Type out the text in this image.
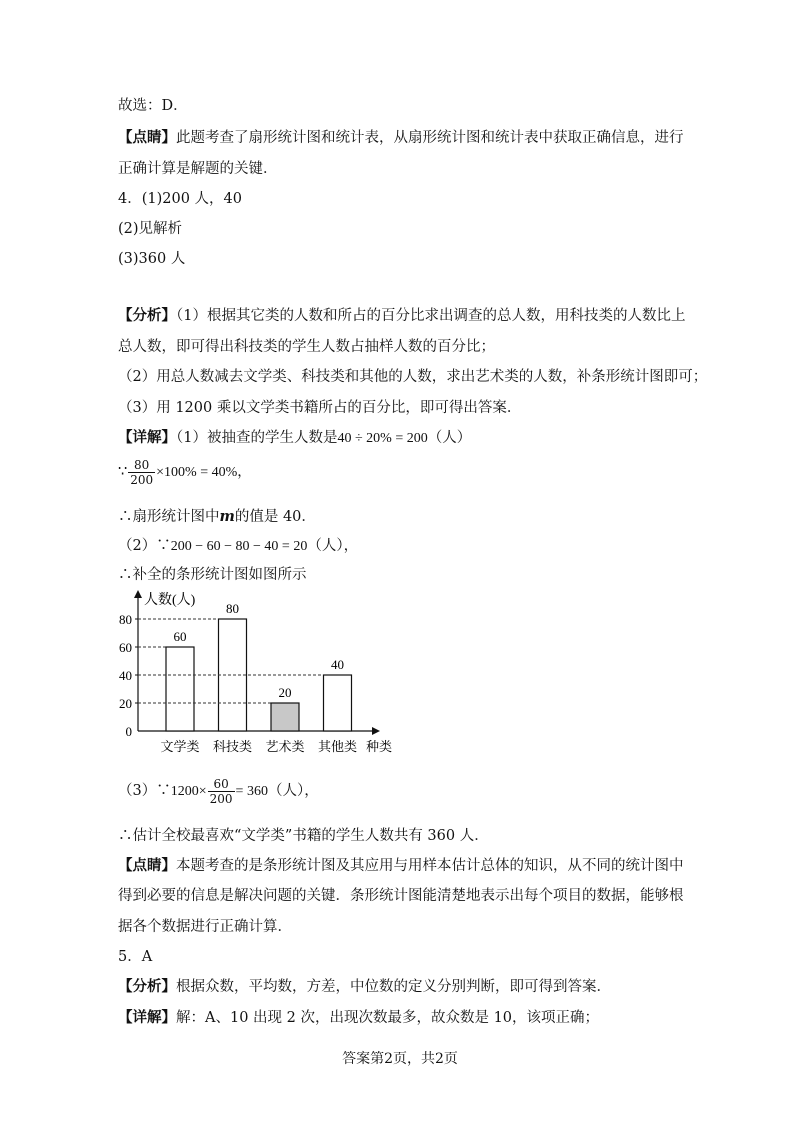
故选：D．
【点睛】此题考查了扇形统计图和统计表，从扇形统计图和统计表中获取正确信息，进行
正确计算是解题的关键．
4．(1)200 人，40
(2)见解析
(3)360 人
【分析】（1）根据其它类的人数和所占的百分比求出调查的总人数，用科技类的人数比上
总人数，即可得出科技类的学生人数占抽样人数的百分比；
（2）用总人数减去文学类、科技类和其他的人数，求出艺术类的人数，补条形统计图即可；
（3）用 1200 乘以文学类书籍所占的百分比，即可得出答案．
【详解】（1）被抽查的学生人数是40 ÷ 20% = 200（人）
∵ $\frac{80}{200} \times 100\% = 40\%$，
∴扇形统计图中m的值是 40．
（2）∵200 − 60 − 80 − 40 = 20（人），
∴补全的条形统计图如图所示
人数(人)
种类
0
20
40
60
80
60
文学类
80
科技类
20
艺术类
40
其他类
（3）∵1200× $\frac{60}{200} = 360$（人），
∴估计全校最喜欢“文学类”书籍的学生人数共有 360 人．
【点睛】本题考查的是条形统计图及其应用与用样本估计总体的知识，从不同的统计图中
得到必要的信息是解决问题的关键．条形统计图能清楚地表示出每个项目的数据，能够根
据各个数据进行正确计算．
5．A
【分析】根据众数，平均数，方差，中位数的定义分别判断，即可得到答案．
【详解】解：A、10 出现 2 次，出现次数最多，故众数是 10，该项正确；
答案第2页，共2页
